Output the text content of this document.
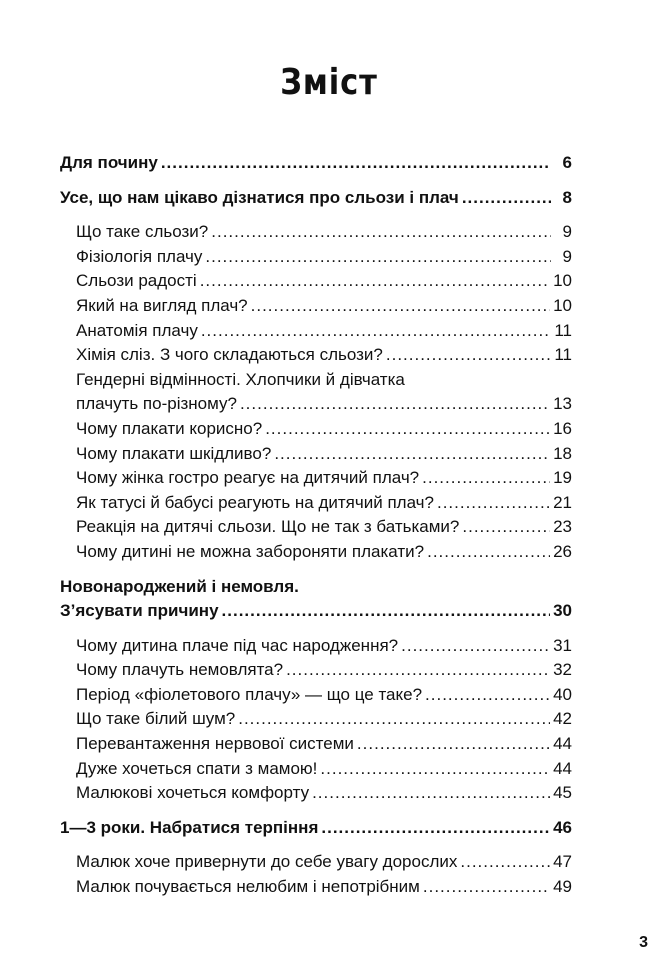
Зміст
Для почину .....	6
Усе, що нам цікаво дізнатися про сльози і плач .....	8
Що таке сльози? .....	9
Фізіологія плачу .....	9
Сльози радості .....	10
Який на вигляд плач? .....	10
Анатомія плачу .....	11
Хімія сліз. З чого складаються сльози? .....	11
Гендерні відмінності. Хлопчики й дівчатка
плачуть по-різному? .....	13
Чому плакати корисно? .....	16
Чому плакати шкідливо? .....	18
Чому жінка гостро реагує на дитячий плач? .....	19
Як татусі й бабусі реагують на дитячий плач? .....	21
Реакція на дитячі сльози. Що не так з батьками? .....	23
Чому дитині не можна забороняти плакати? .....	26
Новонароджений і немовля.
З’ясувати причину .....	30
Чому дитина плаче під час народження? .....	31
Чому плачуть немовлята? .....	32
Період «фіолетового плачу» — що це таке? .....	40
Що таке білий шум? .....	42
Перевантаження нервової системи .....	44
Дуже хочеться спати з мамою! .....	44
Малюкові хочеться комфорту .....	45
1—3 роки. Набратися терпіння .....	46
Малюк хоче привернути до себе увагу дорослих .....	47
Малюк почувається нелюбим і непотрібним .....	49
3
